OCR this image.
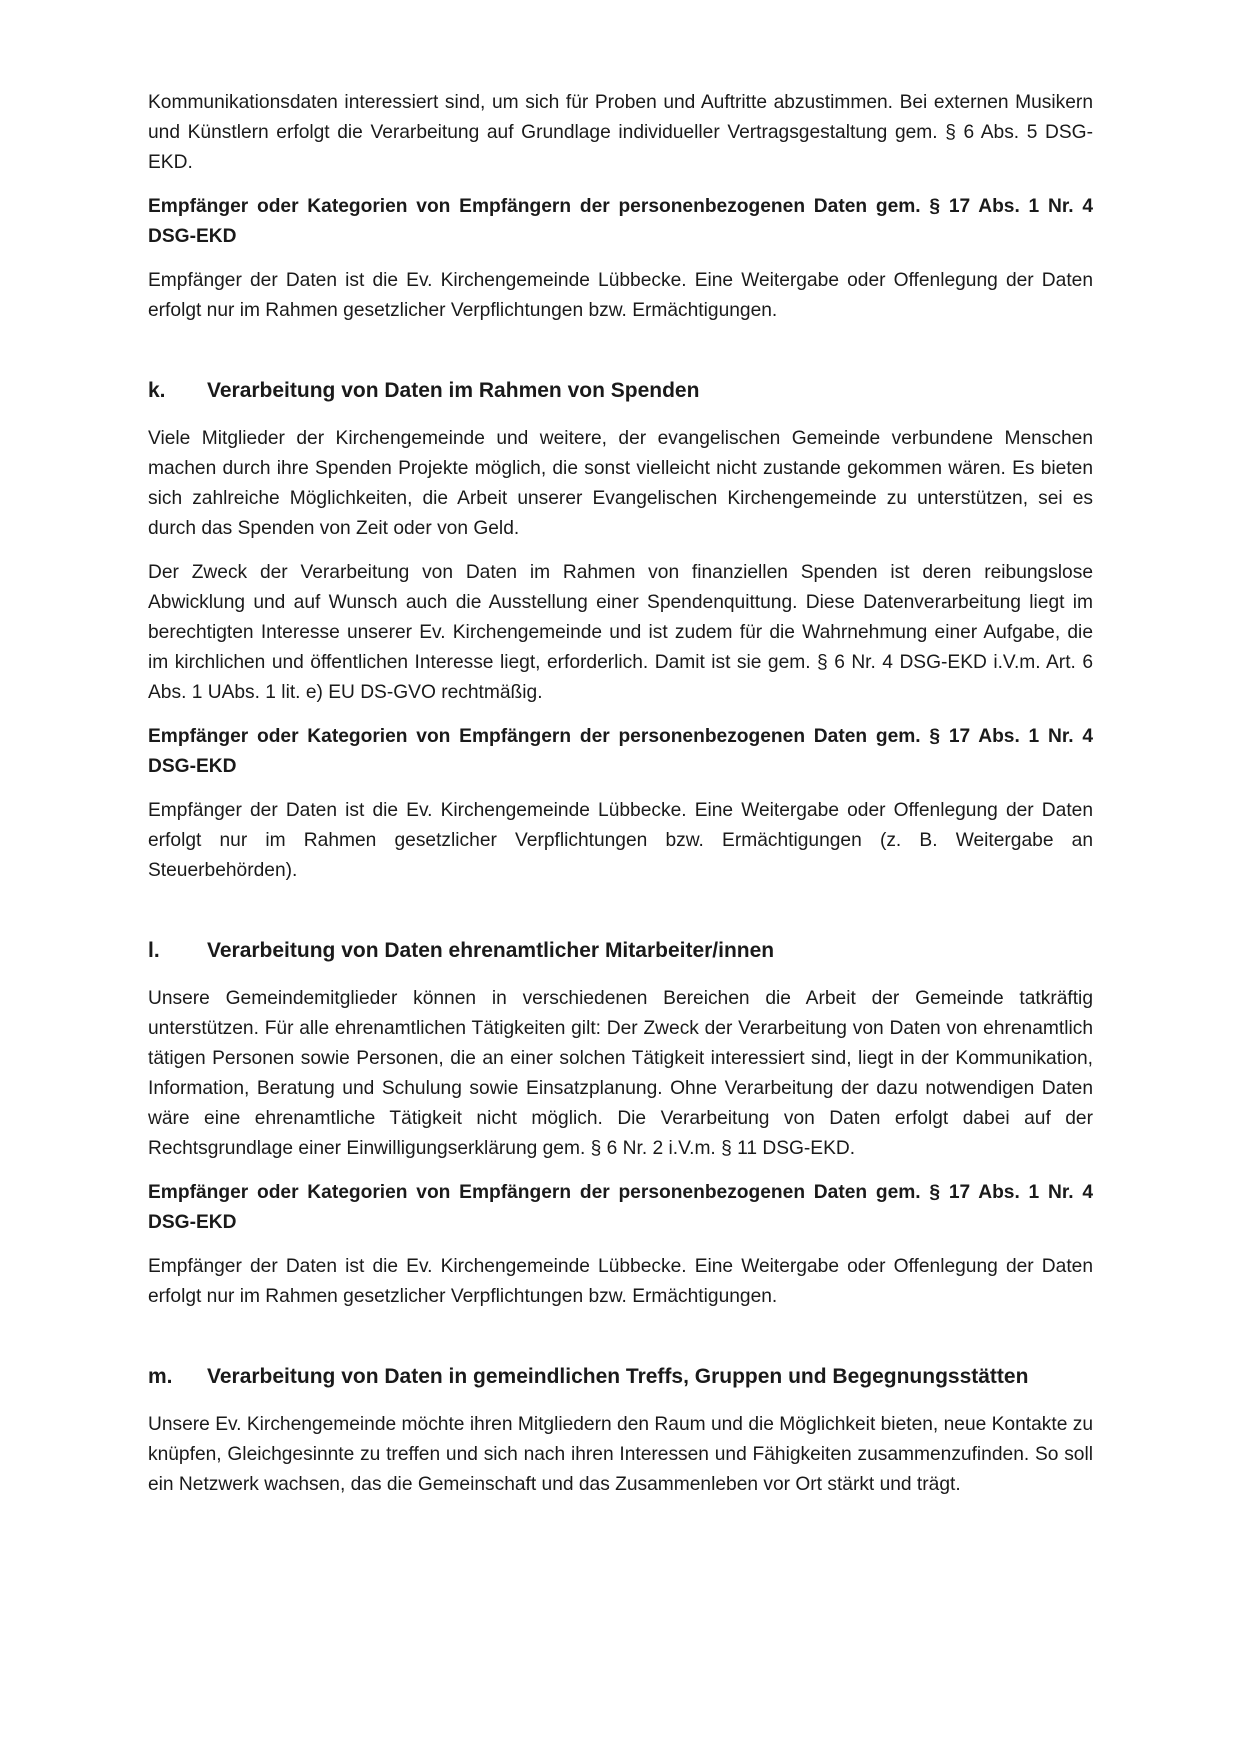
Kommunikationsdaten interessiert sind, um sich für Proben und Auftritte abzustimmen. Bei externen Musikern und Künstlern erfolgt die Verarbeitung auf Grundlage individueller Vertragsgestaltung gem. § 6 Abs. 5 DSG-EKD.

Empfänger oder Kategorien von Empfängern der personenbezogenen Daten gem. § 17 Abs. 1 Nr. 4 DSG-EKD

Empfänger der Daten ist die Ev. Kirchengemeinde Lübbecke. Eine Weitergabe oder Offenlegung der Daten erfolgt nur im Rahmen gesetzlicher Verpflichtungen bzw. Ermächtigungen.

k.	Verarbeitung von Daten im Rahmen von Spenden

Viele Mitglieder der Kirchengemeinde und weitere, der evangelischen Gemeinde verbundene Menschen machen durch ihre Spenden Projekte möglich, die sonst vielleicht nicht zustande gekommen wären. Es bieten sich zahlreiche Möglichkeiten, die Arbeit unserer Evangelischen Kirchengemeinde zu unterstützen, sei es durch das Spenden von Zeit oder von Geld.

Der Zweck der Verarbeitung von Daten im Rahmen von finanziellen Spenden ist deren reibungslose Abwicklung und auf Wunsch auch die Ausstellung einer Spendenquittung. Diese Datenverarbeitung liegt im berechtigten Interesse unserer Ev. Kirchengemeinde und ist zudem für die Wahrnehmung einer Aufgabe, die im kirchlichen und öffentlichen Interesse liegt, erforderlich. Damit ist sie gem. § 6 Nr. 4 DSG-EKD i.V.m. Art. 6 Abs. 1 UAbs. 1 lit. e) EU DS-GVO rechtmäßig.

Empfänger oder Kategorien von Empfängern der personenbezogenen Daten gem. § 17 Abs. 1 Nr. 4 DSG-EKD

Empfänger der Daten ist die Ev. Kirchengemeinde Lübbecke. Eine Weitergabe oder Offenlegung der Daten erfolgt nur im Rahmen gesetzlicher Verpflichtungen bzw. Ermächtigungen (z. B. Weitergabe an Steuerbehörden).

l.	Verarbeitung von Daten ehrenamtlicher Mitarbeiter/innen

Unsere Gemeindemitglieder können in verschiedenen Bereichen die Arbeit der Gemeinde tatkräftig unterstützen. Für alle ehrenamtlichen Tätigkeiten gilt: Der Zweck der Verarbeitung von Daten von ehrenamtlich tätigen Personen sowie Personen, die an einer solchen Tätigkeit interessiert sind, liegt in der Kommunikation, Information, Beratung und Schulung sowie Einsatzplanung. Ohne Verarbeitung der dazu notwendigen Daten wäre eine ehrenamtliche Tätigkeit nicht möglich. Die Verarbeitung von Daten erfolgt dabei auf der Rechtsgrundlage einer Einwilligungserklärung gem. § 6 Nr. 2 i.V.m. § 11 DSG-EKD.

Empfänger oder Kategorien von Empfängern der personenbezogenen Daten gem. § 17 Abs. 1 Nr. 4 DSG-EKD

Empfänger der Daten ist die Ev. Kirchengemeinde Lübbecke. Eine Weitergabe oder Offenlegung der Daten erfolgt nur im Rahmen gesetzlicher Verpflichtungen bzw. Ermächtigungen.

m.	Verarbeitung von Daten in gemeindlichen Treffs, Gruppen und Begegnungsstätten

Unsere Ev. Kirchengemeinde möchte ihren Mitgliedern den Raum und die Möglichkeit bieten, neue Kontakte zu knüpfen, Gleichgesinnte zu treffen und sich nach ihren Interessen und Fähigkeiten zusammenzufinden. So soll ein Netzwerk wachsen, das die Gemeinschaft und das Zusammenleben vor Ort stärkt und trägt.
